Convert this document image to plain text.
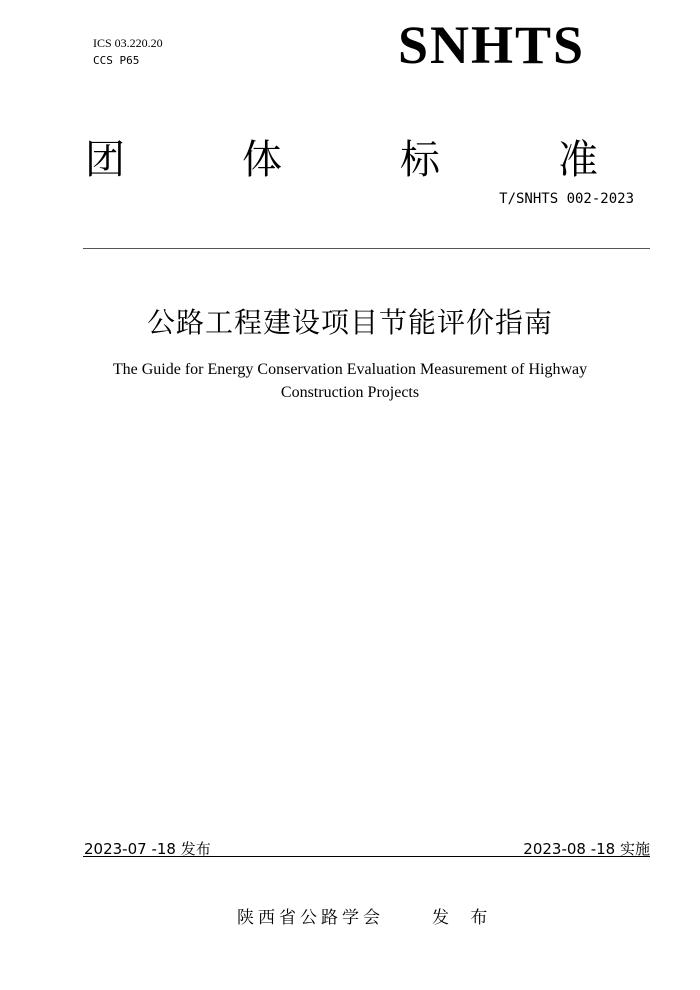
ICS 03.220.20
CCS P65	SNHTS
团	体	标	准
T/SNHTS 002-2023
公路工程建设项目节能评价指南
The Guide for Energy Conservation Evaluation Measurement of Highway
Construction Projects
2023-07 -18 发布	2023-08 -18 实施
陕西省公路学会	发 布
